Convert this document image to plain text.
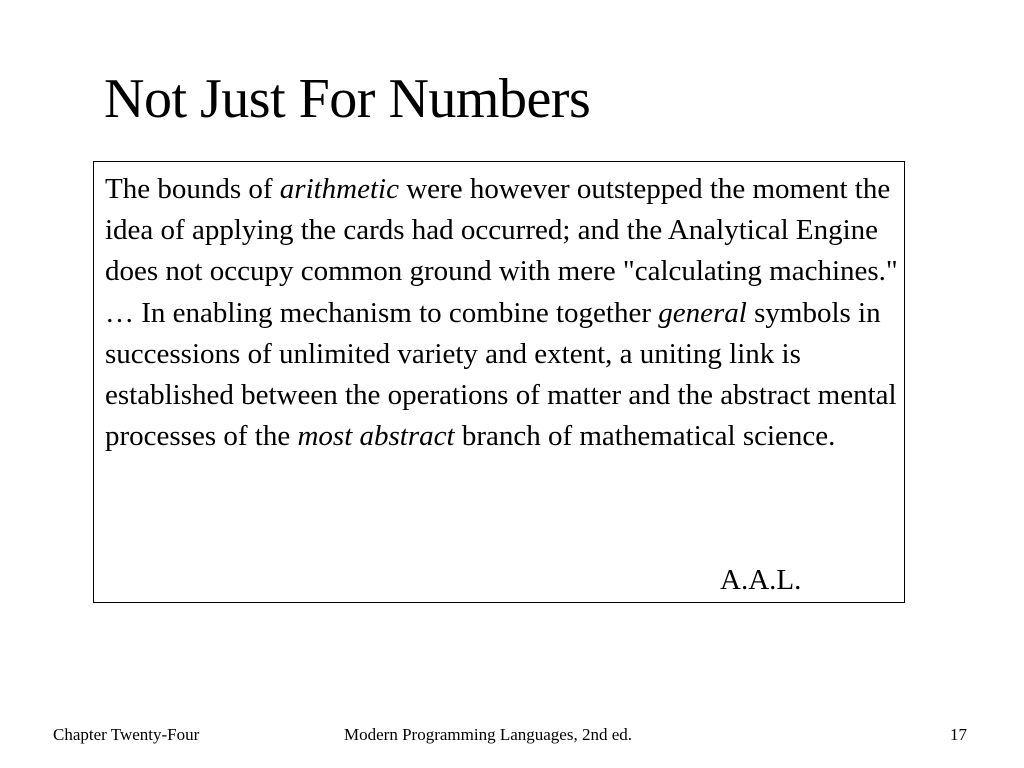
Not Just For Numbers

The bounds of arithmetic were however outstepped the moment the idea of applying the cards had occurred; and the Analytical Engine does not occupy common ground with mere "calculating machines." … In enabling mechanism to combine together general symbols in successions of unlimited variety and extent, a uniting link is established between the operations of matter and the abstract mental processes of the most abstract branch of mathematical science.

A.A.L.

Chapter Twenty-Four	Modern Programming Languages, 2nd ed.	17
